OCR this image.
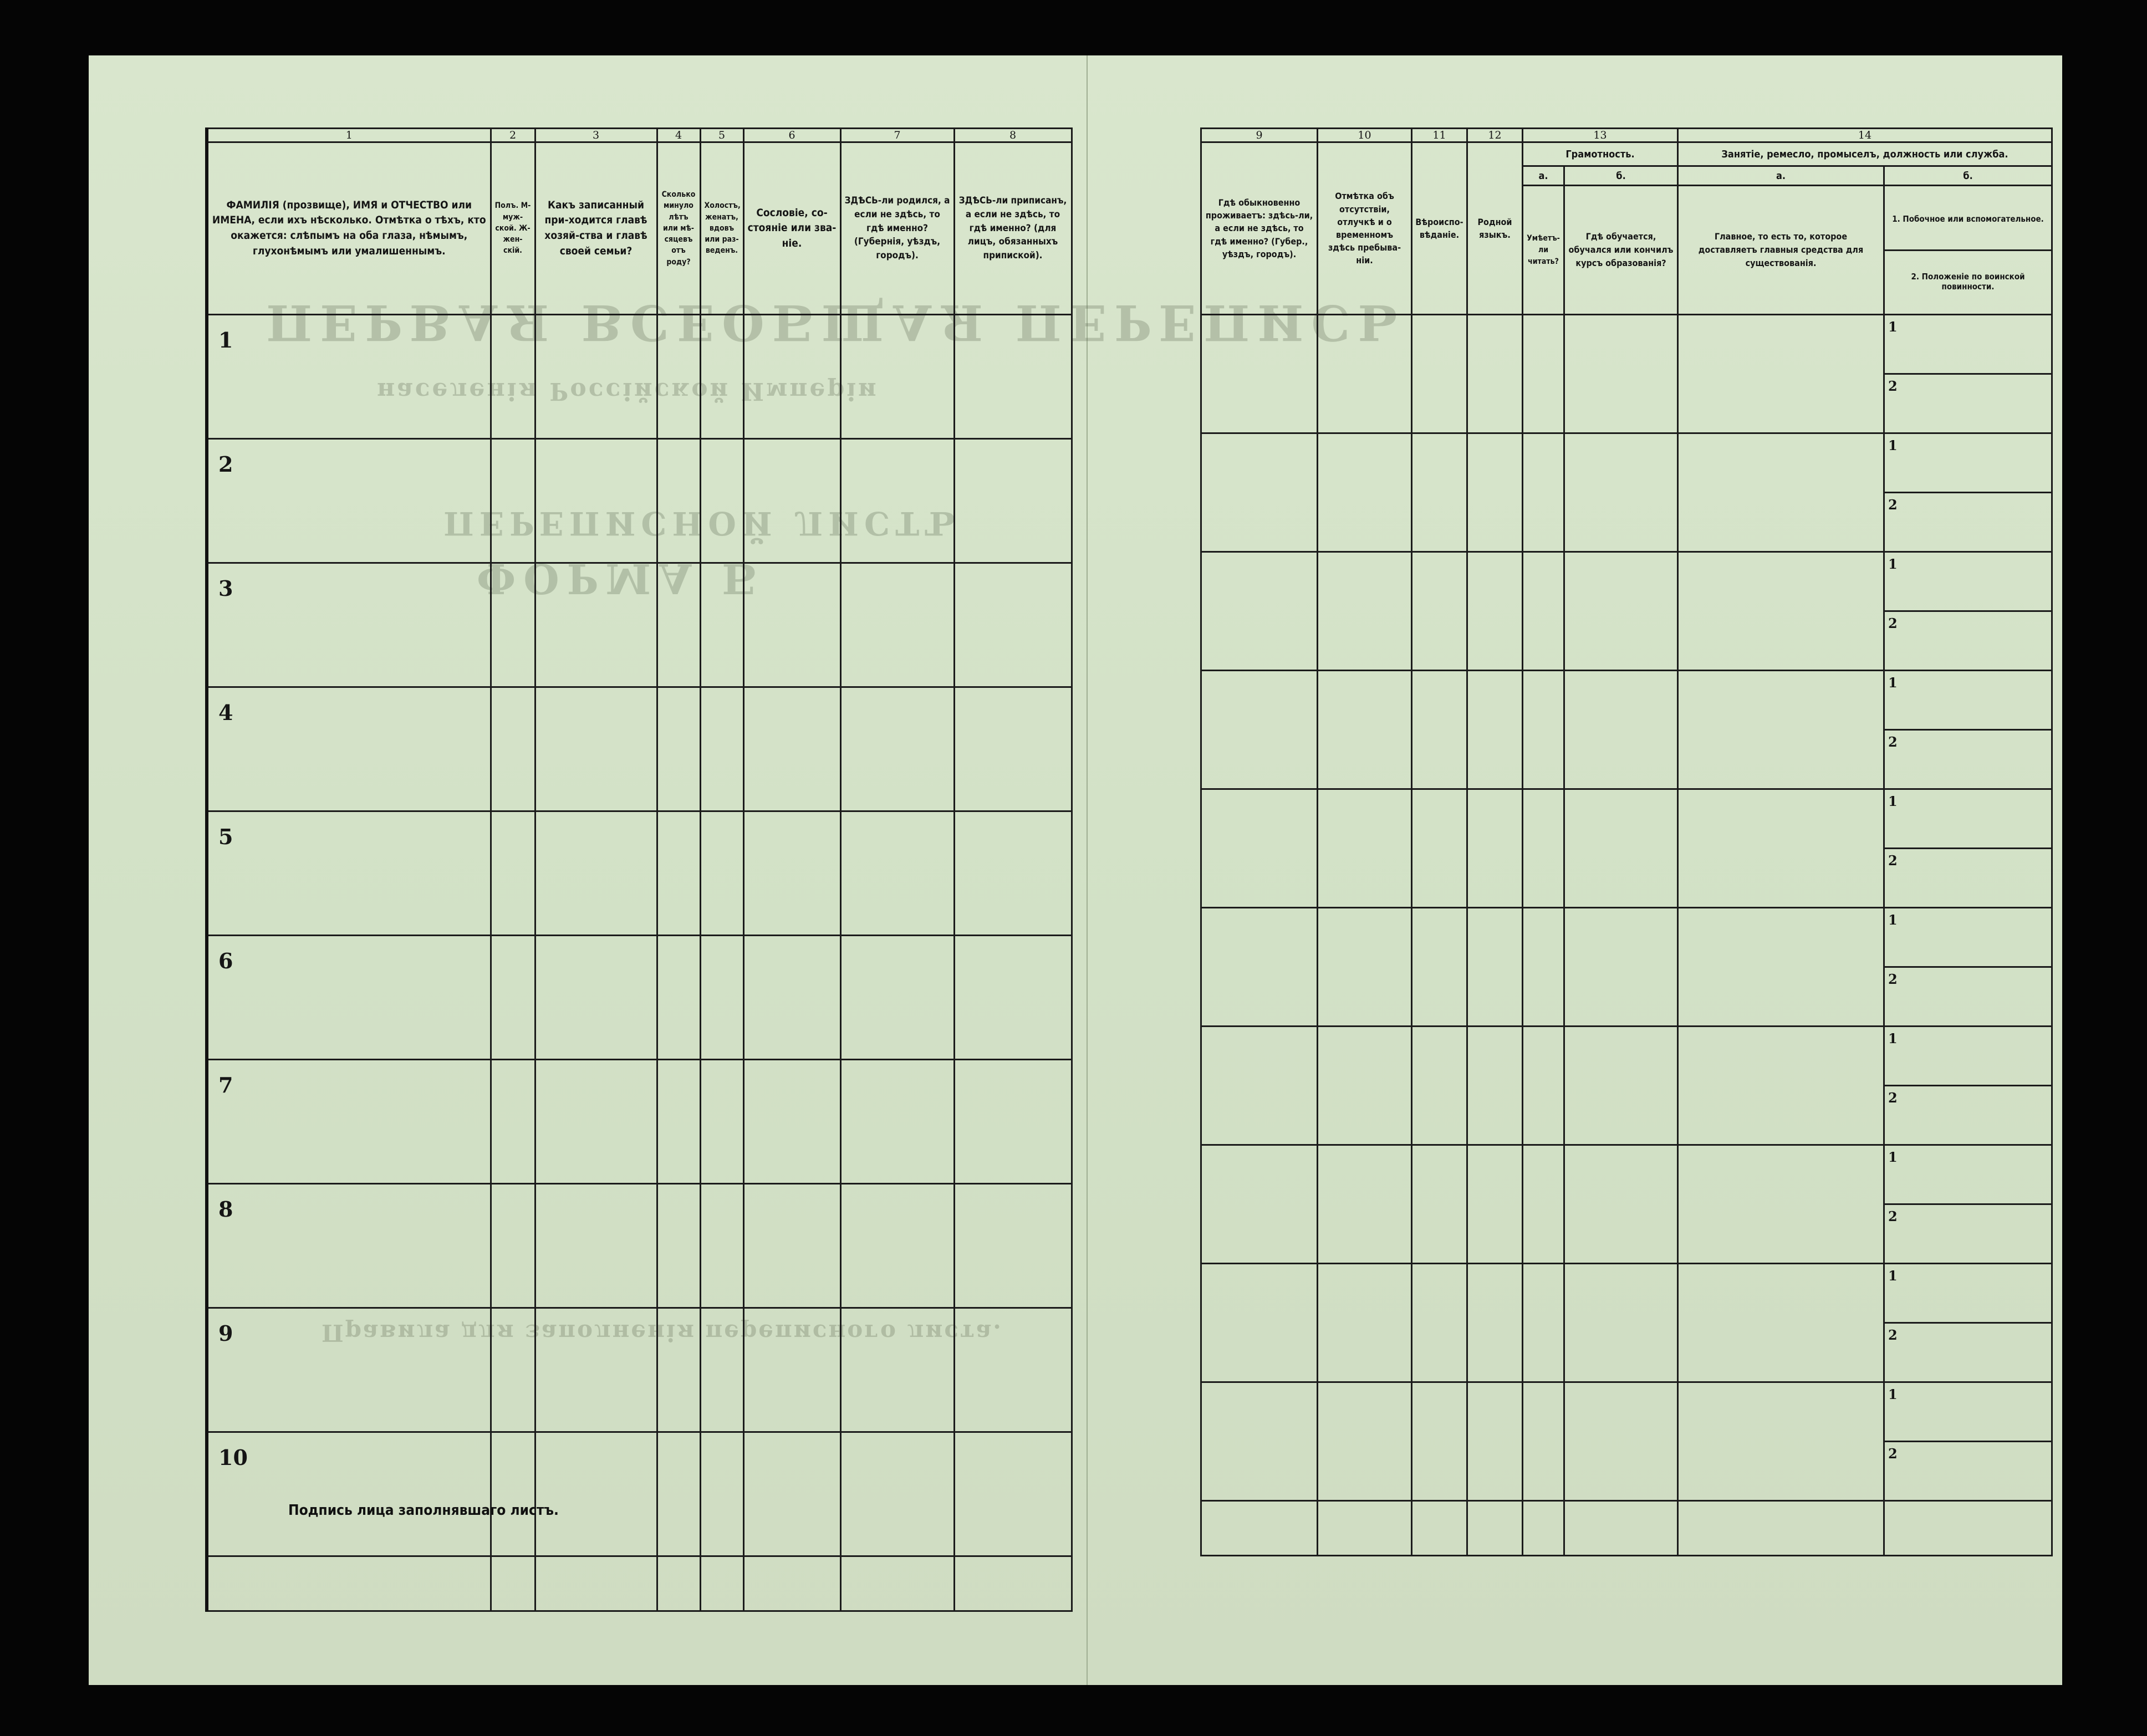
ПЕРВАЯ ВСЕОБЩАЯ ПЕРЕПИСЬ
населенія Россійской Имперіи
ПЕРЕПИСНОЙ ЛИСТЪ
ФОРМА Б
Правила для заполненія переписного листа.
1	2	3	4	5	6	7	8
ФАМИЛІЯ (прозвище), ИМЯ и ОТЧЕСТВО или ИМЕНА, если ихъ нѣсколько. Отмѣтка о тѣхъ, кто окажется: слѣпымъ на оба глаза, нѣмымъ, глухонѣмымъ или умалишеннымъ.	Полъ. М-муж-ской. Ж-жен-скій.	Какъ записанный при-ходится главѣ хозяй-ства и главѣ своей семьи?	Сколько минуло лѣтъ или мѣ-сяцевъ отъ роду?	Холостъ, женатъ, вдовъ или раз-веденъ.	Сословіе, со-стояніе или зва-ніе.	ЗДѢСЬ-ли родился, а если не здѣсь, то гдѣ именно? (Губернія, уѣздъ, городъ).	ЗДѢСЬ-ли приписанъ, а если не здѣсь, то гдѣ именно? (для лицъ, обязанныхъ припиской).
1							
2							
3							
4							
5							
6							
7							
8							
9							
10							

Подпись лица заполнявшаго листъ.
9	10	11	12	13		14	
Гдѣ обыкновенно проживаетъ: здѣсь-ли, а если не здѣсь, то гдѣ именно? (Губер., уѣздъ, городъ).	Отмѣтка объ отсутствіи, отлучкѣ и о временномъ здѣсь пребыва-ніи.	Вѣроиспо-вѣданіе.	Родной языкъ.	Грамотность.		Занятіе, ремесло, промыселъ, должность или служба.	
				а.	б.	а.	б.
				Умѣетъ-ли читать?	Гдѣ обучается, обучался или кончилъ курсъ образованія?	Главное, то есть то, которое доставляетъ главныя средства для существованія.	1. Побочное или вспомогательное.
2. Положеніе по воинской повинности.

							1
							2
							1
							2
							1
							2
							1
							2
							1
							2
							1
							2
							1
							2
							1
							2
							1
							2
							1
							2
